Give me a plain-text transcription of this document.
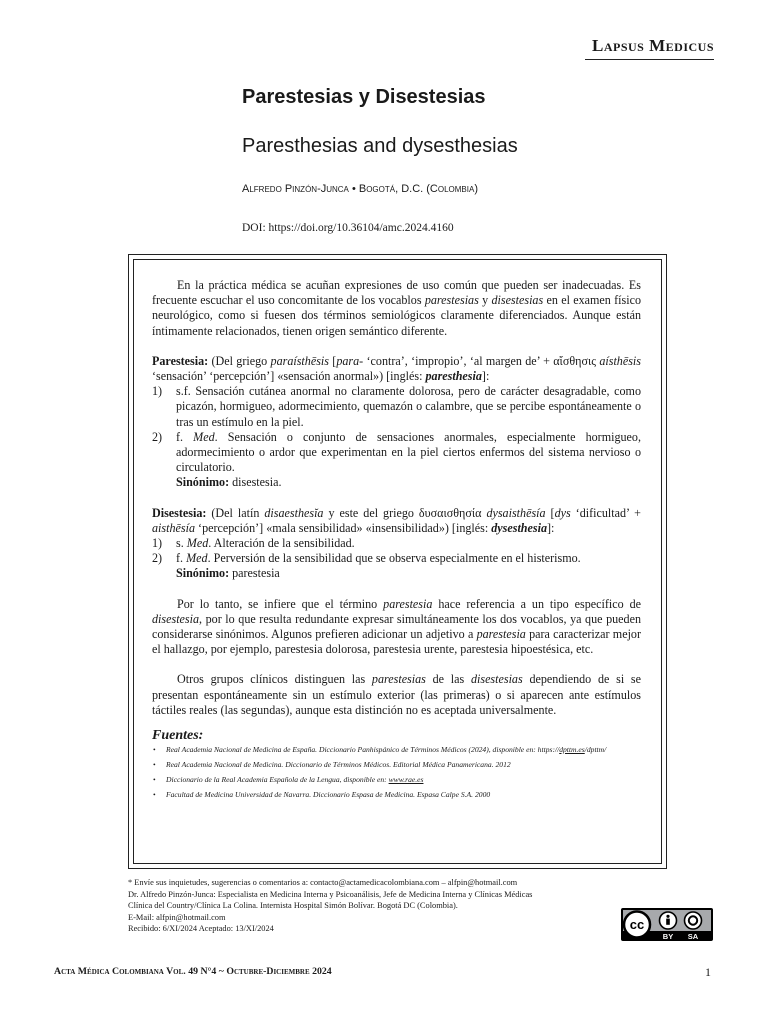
Lapsus Medicus
Parestesias y Disestesias
Paresthesias and dysesthesias
Alfredo Pinzón-Junca • Bogotá, D.C. (Colombia)
DOI: https://doi.org/10.36104/amc.2024.4160

En la práctica médica se acuñan expresiones de uso común que pueden ser inadecuadas. Es frecuente escuchar el uso concomitante de los vocablos parestesias y disestesias en el examen físico neurológico, como si fuesen dos términos semiológicos claramente diferenciados. Aunque están íntimamente relacionados, tienen origen semántico diferente.

Parestesia: (Del griego paraísthēsis [para- ‘contra’, ‘impropio’, ‘al margen de’ + αἴσθησις aísthēsis ‘sensación’ ‘percepción’] «sensación anormal») [inglés: paresthesia]:

1)	s.f. Sensación cutánea anormal no claramente dolorosa, pero de carácter desagradable, como picazón, hormigueo, adormecimiento, quemazón o calambre, que se percibe espontáneamente o tras un estímulo en la piel.
2)	f. Med. Sensación o conjunto de sensaciones anormales, especialmente hormigueo, adormecimiento o ardor que experimentan en la piel ciertos enfermos del sistema nervioso o circulatorio.

Sinónimo: disestesia.

Disestesia: (Del latín disaesthesĭa y este del griego δυσαισθησία dysaisthēsía [dys ‘dificultad’ + aisthēsía ‘percepción’] «mala sensibilidad» «insensibilidad») [inglés: dysesthesia]:

1)	s. Med. Alteración de la sensibilidad.
2)	f. Med. Perversión de la sensibilidad que se observa especialmente en el histerismo.

Sinónimo: parestesia

Por lo tanto, se infiere que el término parestesia hace referencia a un tipo específico de disestesia, por lo que resulta redundante expresar simultáneamente los dos vocablos, ya que pueden considerarse sinónimos. Algunos prefieren adicionar un adjetivo a parestesia para caracterizar mejor el hallazgo, por ejemplo, parestesia dolorosa, parestesia urente, parestesia hipoestésica, etc.

Otros grupos clínicos distinguen las parestesias de las disestesias dependiendo de si se presentan espontáneamente sin un estímulo exterior (las primeras) o si aparecen ante estímulos táctiles reales (las segundas), aunque esta distinción no es aceptada universalmente.

Fuentes:
• Real Academia Nacional de Medicina de España. Diccionario Panhispánico de Términos Médicos (2024), disponible en: https://dpttm.es/dpttm/
• Real Academia Nacional de Medicina. Diccionario de Términos Médicos. Editorial Médica Panamericana. 2012
• Diccionario de la Real Academia Española de la Lengua, disponible en: www.rae.es
• Facultad de Medicina Universidad de Navarra. Diccionario Espasa de Medicina. Espasa Calpe S.A. 2000
* Envíe sus inquietudes, sugerencias o comentarios a: contacto@actamedicacolombiana.com – alfpin@hotmail.com
Dr. Alfredo Pinzón-Junca: Especialista en Medicina Interna y Psicoanálisis, Jefe de Medicina Interna y Clínicas Médicas
Clínica del Country/Clínica La Colina. Internista Hospital Simón Bolívar. Bogotá DC (Colombia).
E-Mail: alfpin@hotmail.com
Recibido: 6/XI/2024 Aceptado: 13/XI/2024	cc
BY SA
Acta Médica Colombiana Vol. 49 N°4 ~ Octubre-Diciembre 2024	1
